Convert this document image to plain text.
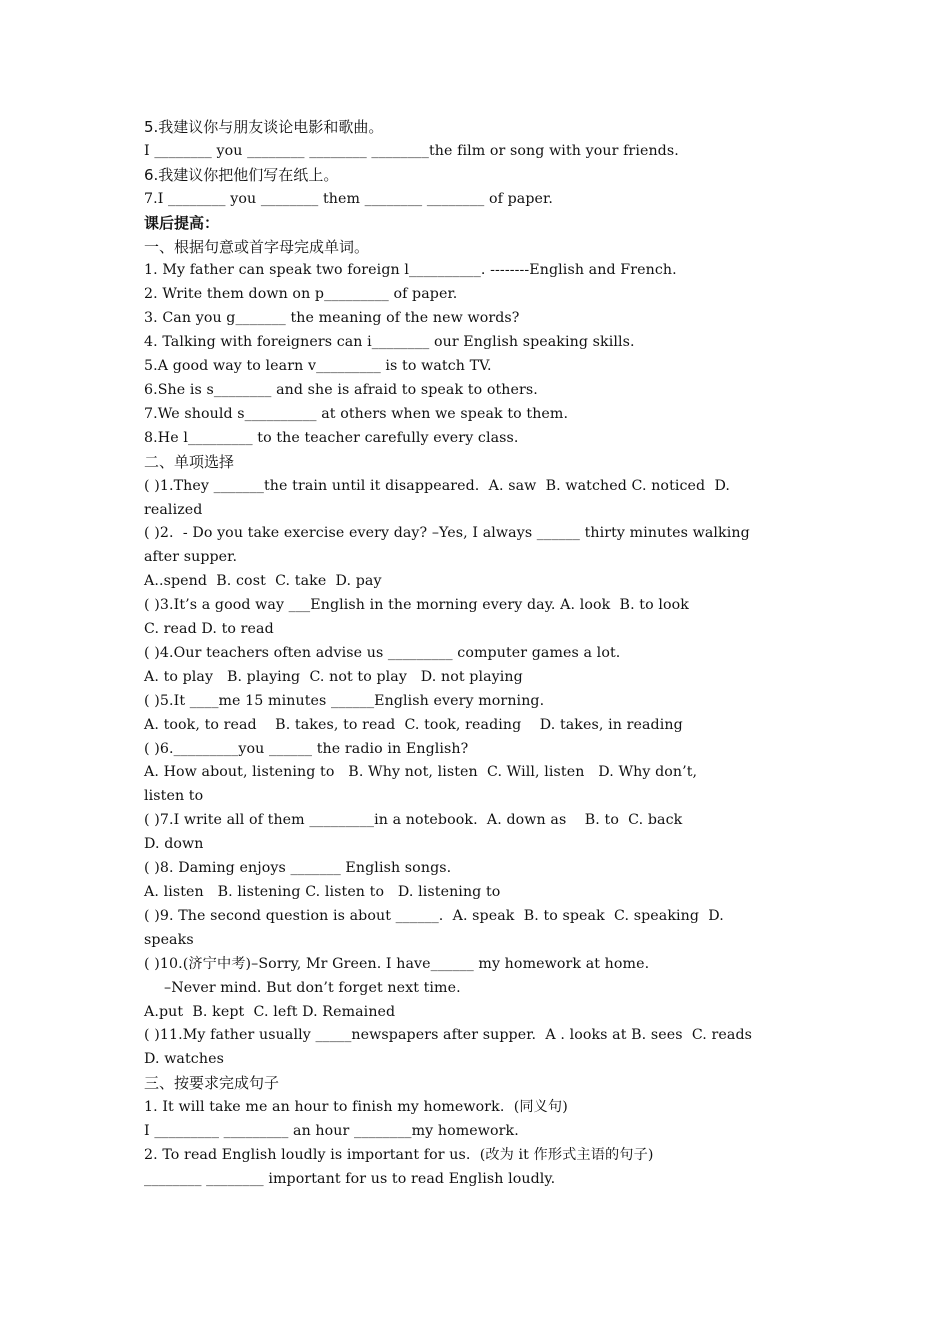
5.我建议你与朋友谈论电影和歌曲。

I ________ you ________ ________ ________the film or song with your friends.

6.我建议你把他们写在纸上。

7.I ________ you ________ them ________ ________ of paper.

课后提高：

一、根据句意或首字母完成单词。

1. My father can speak two foreign l__________. --------English and French.

2. Write them down on p_________ of paper.

3. Can you g_______ the meaning of the new words?

4. Talking with foreigners can i________ our English speaking skills.

5.A good way to learn v_________ is to watch TV.

6.She is s________ and she is afraid to speak to others.

7.We should s__________ at others when we speak to them.

8.He l_________ to the teacher carefully every class.

二、单项选择

( )1.They _______the train until it disappeared.  A. saw  B. watched C. noticed  D.

realized

( )2.  - Do you take exercise every day? –Yes, I always ______ thirty minutes walking

after supper.

A..spend  B. cost  C. take  D. pay

( )3.It’s a good way ___English in the morning every day. A. look  B. to look

C. read D. to read

( )4.Our teachers often advise us _________ computer games a lot.

A. to play   B. playing  C. not to play   D. not playing

( )5.It ____me 15 minutes ______English every morning.

A. took, to read    B. takes, to read  C. took, reading    D. takes, in reading

( )6._________you ______ the radio in English?

A. How about, listening to   B. Why not, listen  C. Will, listen   D. Why don’t,

listen to

( )7.I write all of them _________in a notebook.  A. down as    B. to  C. back

D. down

( )8. Daming enjoys _______ English songs.

A. listen   B. listening C. listen to   D. listening to

( )9. The second question is about ______.  A. speak  B. to speak  C. speaking  D.

speaks

( )10.(济宁中考)–Sorry, Mr Green. I have______ my homework at home.

–Never mind. But don’t forget next time.

A.put  B. kept  C. left D. Remained

( )11.My father usually _____newspapers after supper.  A . looks at B. sees  C. reads

D. watches

三、按要求完成句子

1. It will take me an hour to finish my homework.  (同义句)

I _________ _________ an hour ________my homework.

2. To read English loudly is important for us.  (改为 it 作形式主语的句子)

________ ________ important for us to read English loudly.
